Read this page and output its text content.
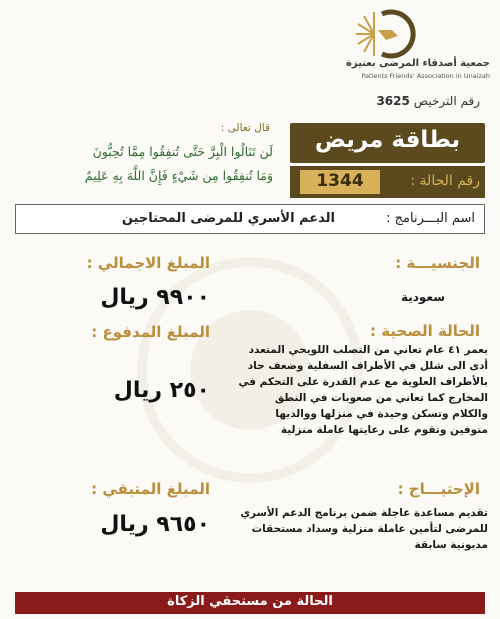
جمعية أصدقاء المرضى بعنيزة
Patients Friends' Association in Unaizah
رقم الترخيص 3625
قال تعالى :
لَن تَنَالُوا الْبِرَّ حَتَّى تُنفِقُوا مِمَّا تُحِبُّونَ
وَمَا تُنفِقُوا مِن شَيْءٍ فَإِنَّ اللَّهَ بِهِ عَلِيمٌ
بطاقة مريض
رقم الحالة :
1344
اسم البـــرنامج :
الدعم الأسري للمرضى المحتاجين
الجنسيـــة :
سعودية
المبلغ الاجمالي :
٩٩٠٠ ريال
المبلغ المدفوع :
٢٥٠ ريال
الحالة الصحية :
بعمر ٤١ عام تعاني من التصلب اللويحي المتعدد أدى الى شلل في الأطراف السفلية وضعف حاد بالأطراف العلوية مع عدم القدرة على التحكم في المخارج كما تعاني من صعوبات في النطق والكلام وتسكن وحيدة في منزلها ووالديها متوفين وتقوم على رعايتها عاملة منزلية
الإحتيـــاج :
تقديم مساعدة عاجلة ضمن برنامج الدعم الأسري للمرضى لتأمين عاملة منزلية وسداد مستحقات مديونية سابقة
المبلغ المتبقي :
٩٦٥٠ ريال
الحالة من مستحقي الزكاة
